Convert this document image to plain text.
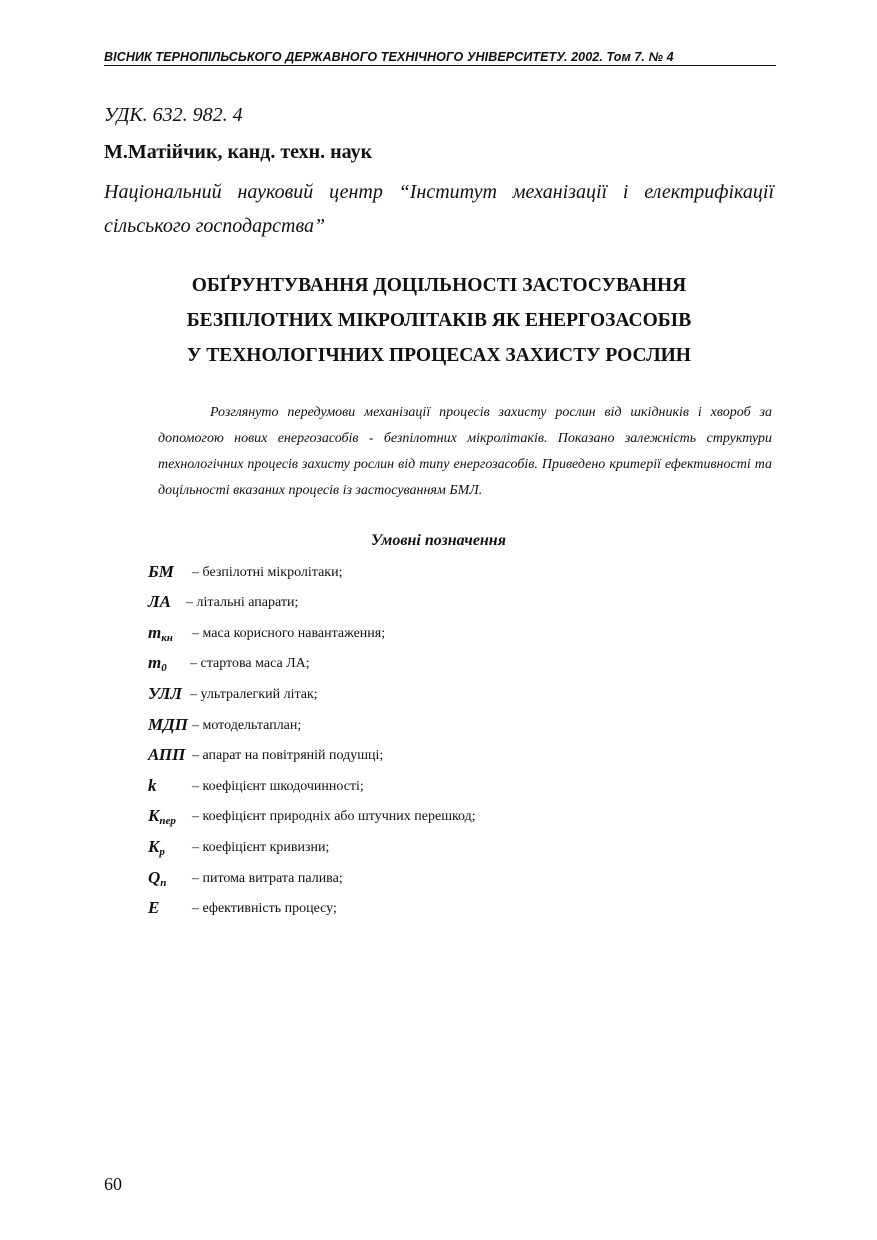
ВІСНИК ТЕРНОПІЛЬСЬКОГО ДЕРЖАВНОГО ТЕХНІЧНОГО УНІВЕРСИТЕТУ. 2002. Том 7. № 4
УДК. 632. 982. 4
М.Матійчик, канд. техн. наук
Національний науковий центр “Інститут механізації і електрифікації сільського господарства”
ОБҐРУНТУВАННЯ ДОЦІЛЬНОСТІ ЗАСТОСУВАННЯ
БЕЗПІЛОТНИХ МІКРОЛІТАКІВ ЯК ЕНЕРГОЗАСОБІВ
У ТЕХНОЛОГІЧНИХ ПРОЦЕСАХ ЗАХИСТУ РОСЛИН
Розглянуто передумови механізації процесів захисту рослин від шкідників і хвороб за допомогою нових енергозасобів - безпілотних мікролітаків. Показано залежність структури технологічних процесів захисту рослин від типу енергозасобів. Приведено критерії ефективності та доцільності вказаних процесів із застосуванням БМЛ.
Умовні позначення
БМ – безпілотні мікролітаки;
ЛА – літальні апарати;
$m_{кн}$ – маса корисного навантаження;
$m_0$ – стартова маса ЛА;
УЛЛ – ультралегкий літак;
МДП – мотодельтаплан;
АПП – апарат на повітряній подушці;
k	– коефіцієнт шкодочинності;
$K_{пер}$ – коефіцієнт природніх або штучних перешкод;
$K_р$ – коефіцієнт кривизни;
$Q_п$ – питома витрата палива;
E – ефективність процесу;
60
